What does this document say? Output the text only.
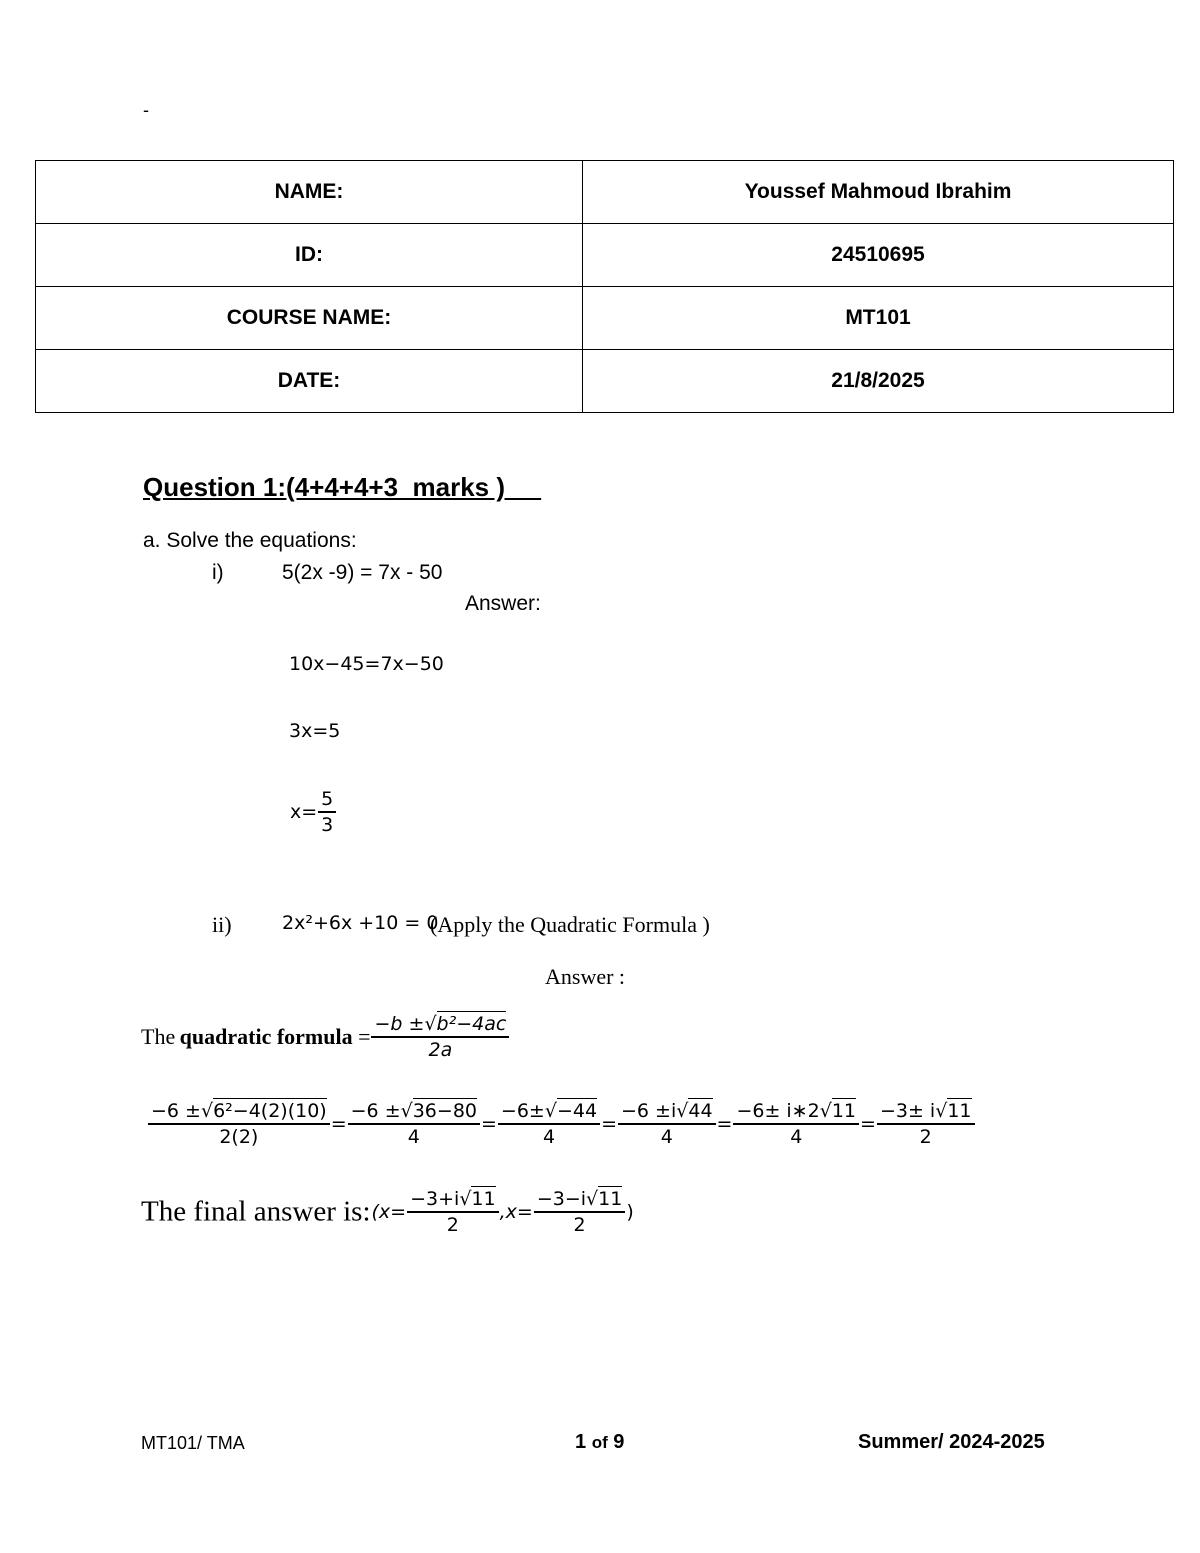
-
NAME:	Youssef Mahmoud Ibrahim
ID:	24510695
COURSE NAME:	MT101
DATE:	21/8/2025
Question 1:(4+4+4+3  marks )
a. Solve the equations:
i)	5(2x -9) = 7x - 50
Answer:
10x−45=7x−50
3x=5
$x= \frac{5}{3}$
ii)	2x²+6x +10 = 0
(Apply the Quadratic Formula )
Answer :
The quadratic formula = $\frac{\text{−b ±√b²−4ac}}{2a}$
$\frac{\text{−6 ±√6²−4(2)(10)}}{2(2)} = \frac{-6 \pm√36-80}{4} = \frac{-6\pm√-44}{4} = \frac{-6 \pm i√44}{4} = \frac{-6\pm i∗2√11}{4} = \frac{-3\pm i√11}{2}$
The final answer is:(x= $\frac{-3+i√11}{2} ,x= \frac{-3-i√11}{2}$ )
MT101/ TMA	1 of 9	Summer/ 2024-2025
